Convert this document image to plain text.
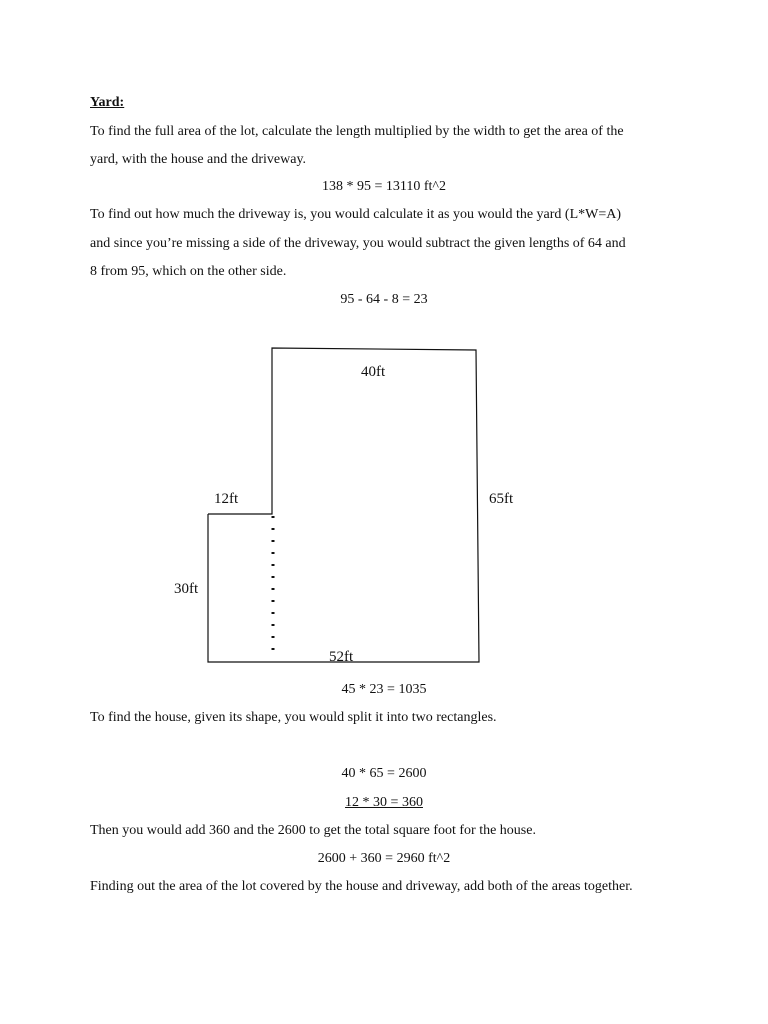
Yard:
To find the full area of the lot, calculate the length multiplied by the width to get the area of the
yard, with the house and the driveway.
138 * 95 = 13110 ft^2
To find out how much the driveway is, you would calculate it as you would the yard (L*W=A)
and since you’re missing a side of the driveway, you would subtract the given lengths of 64 and
8 from 95, which on the other side.
95 - 64 - 8 = 23
40ft
65ft
12ft
30ft
52ft
45 * 23 = 1035
To find the house, given its shape, you would split it into two rectangles.
40 * 65 = 2600
12 * 30 = 360
Then you would add 360 and the 2600 to get the total square foot for the house.
2600 + 360 = 2960 ft^2
Finding out the area of the lot covered by the house and driveway, add both of the areas together.
